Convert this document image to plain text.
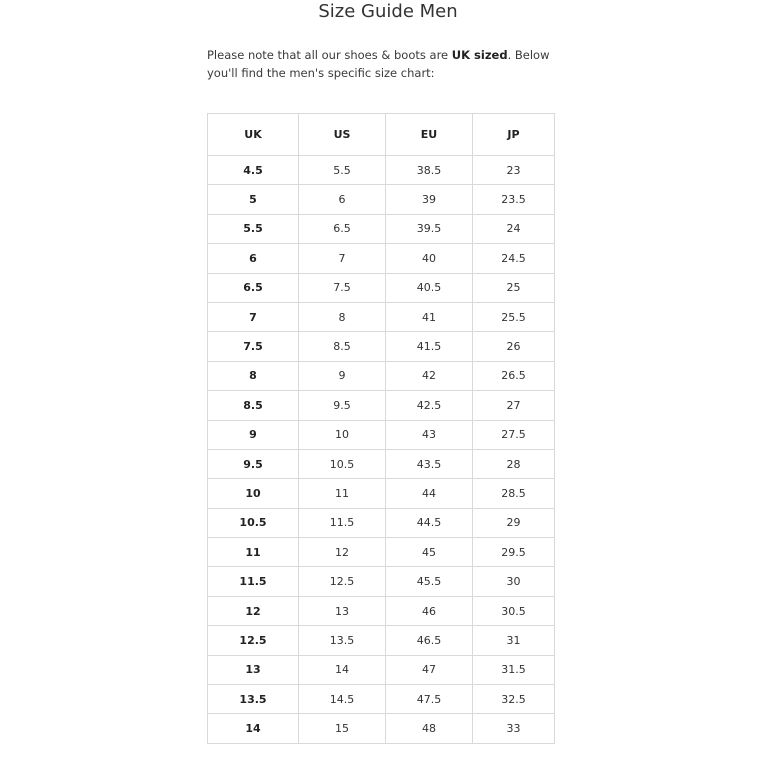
Size Guide Men

Please note that all our shoes & boots are UK sized. Below you'll find the men's specific size chart:

UK	US	EU	JP
4.5	5.5	38.5	23
5	6	39	23.5
5.5	6.5	39.5	24
6	7	40	24.5
6.5	7.5	40.5	25
7	8	41	25.5
7.5	8.5	41.5	26
8	9	42	26.5
8.5	9.5	42.5	27
9	10	43	27.5
9.5	10.5	43.5	28
10	11	44	28.5
10.5	11.5	44.5	29
11	12	45	29.5
11.5	12.5	45.5	30
12	13	46	30.5
12.5	13.5	46.5	31
13	14	47	31.5
13.5	14.5	47.5	32.5
14	15	48	33
